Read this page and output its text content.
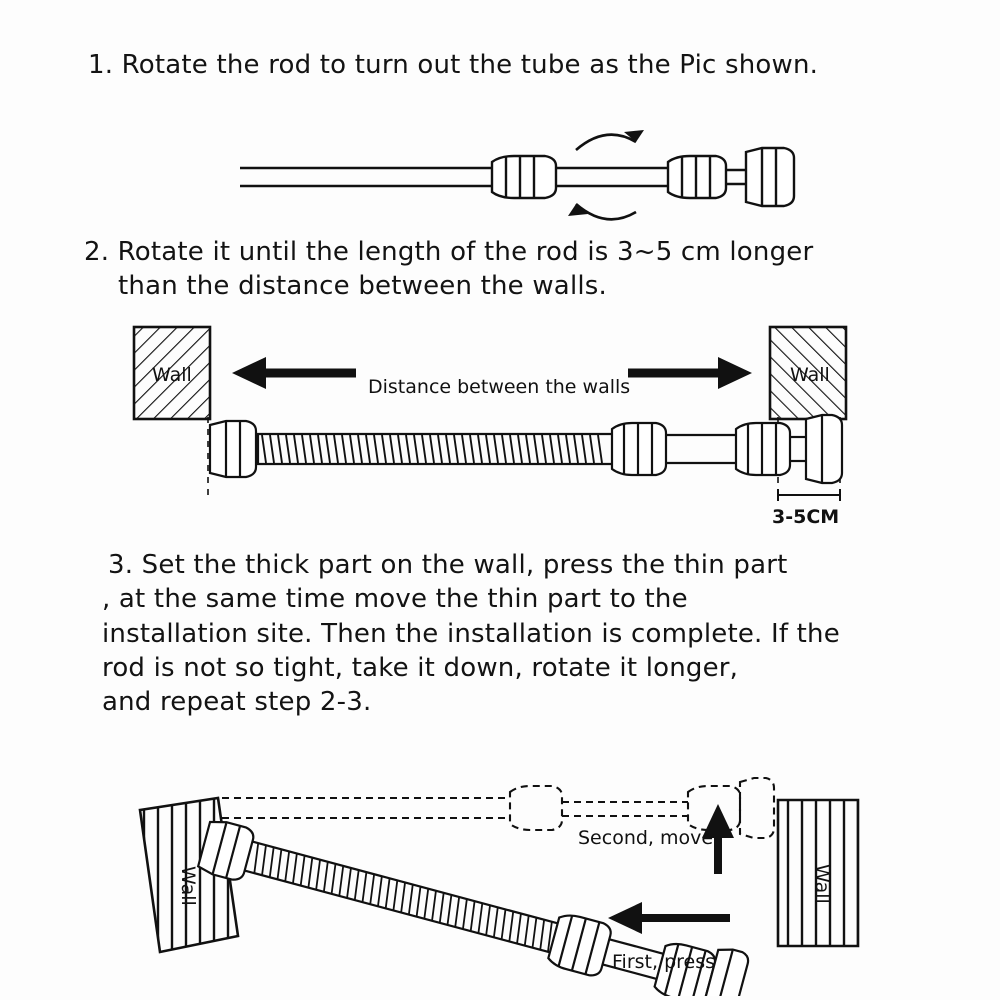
1. Rotate the rod to turn out the tube as the Pic shown.
2. Rotate it until the length of the rod is 3~5 cm longer
than the distance between the walls.
Wall	Wall
Distance between the walls
3-5CM
3. Set the thick part on the wall, press the thin part
, at the same time move the thin part to the
installation site. Then the installation is complete. If the
rod is not so tight, take it down, rotate it longer,
and repeat step 2-3.
Wall	Wall
Second, move
First, press
